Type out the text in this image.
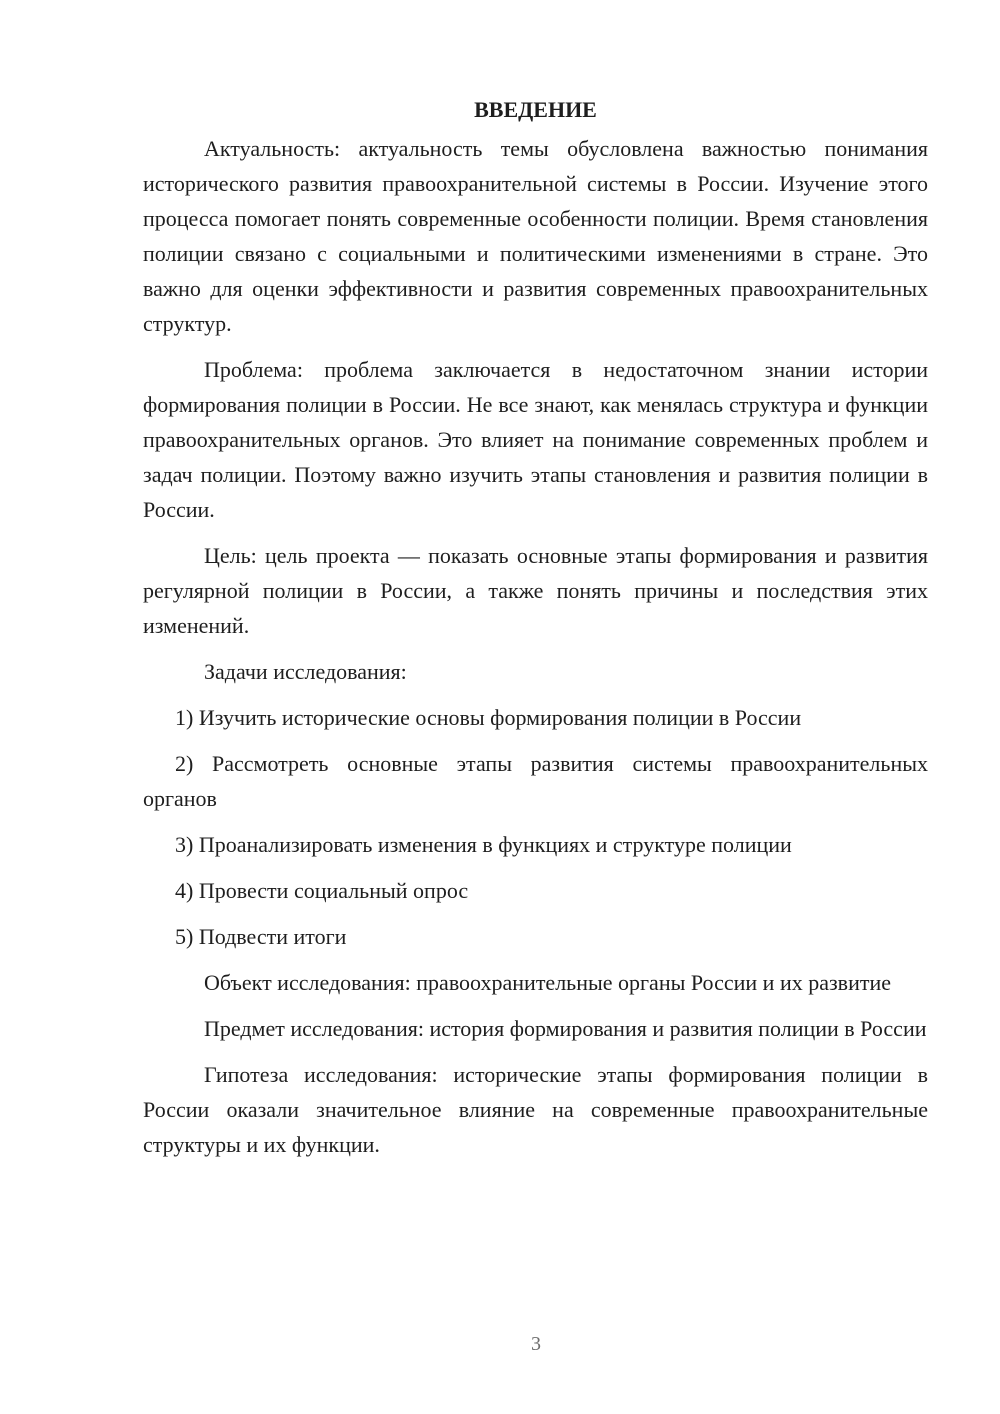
ВВЕДЕНИЕ

Актуальность: актуальность темы обусловлена важностью понимания исторического развития правоохранительной системы в России. Изучение этого процесса помогает понять современные особенности полиции. Время становления полиции связано с социальными и политическими изменениями в стране. Это важно для оценки эффективности и развития современных правоохранительных структур.

Проблема: проблема заключается в недостаточном знании истории формирования полиции в России. Не все знают, как менялась структура и функции правоохранительных органов. Это влияет на понимание современных проблем и задач полиции. Поэтому важно изучить этапы становления и развития полиции в России.

Цель: цель проекта — показать основные этапы формирования и развития регулярной полиции в России, а также понять причины и последствия этих изменений.

Задачи исследования:

1) Изучить исторические основы формирования полиции в России

2) Рассмотреть основные этапы развития системы правоохранительных органов

3) Проанализировать изменения в функциях и структуре полиции

4) Провести социальный опрос

5) Подвести итоги

Объект исследования: правоохранительные органы России и их развитие

Предмет исследования: история формирования и развития полиции в России

Гипотеза исследования: исторические этапы формирования полиции в России оказали значительное влияние на современные правоохранительные структуры и их функции.

3
